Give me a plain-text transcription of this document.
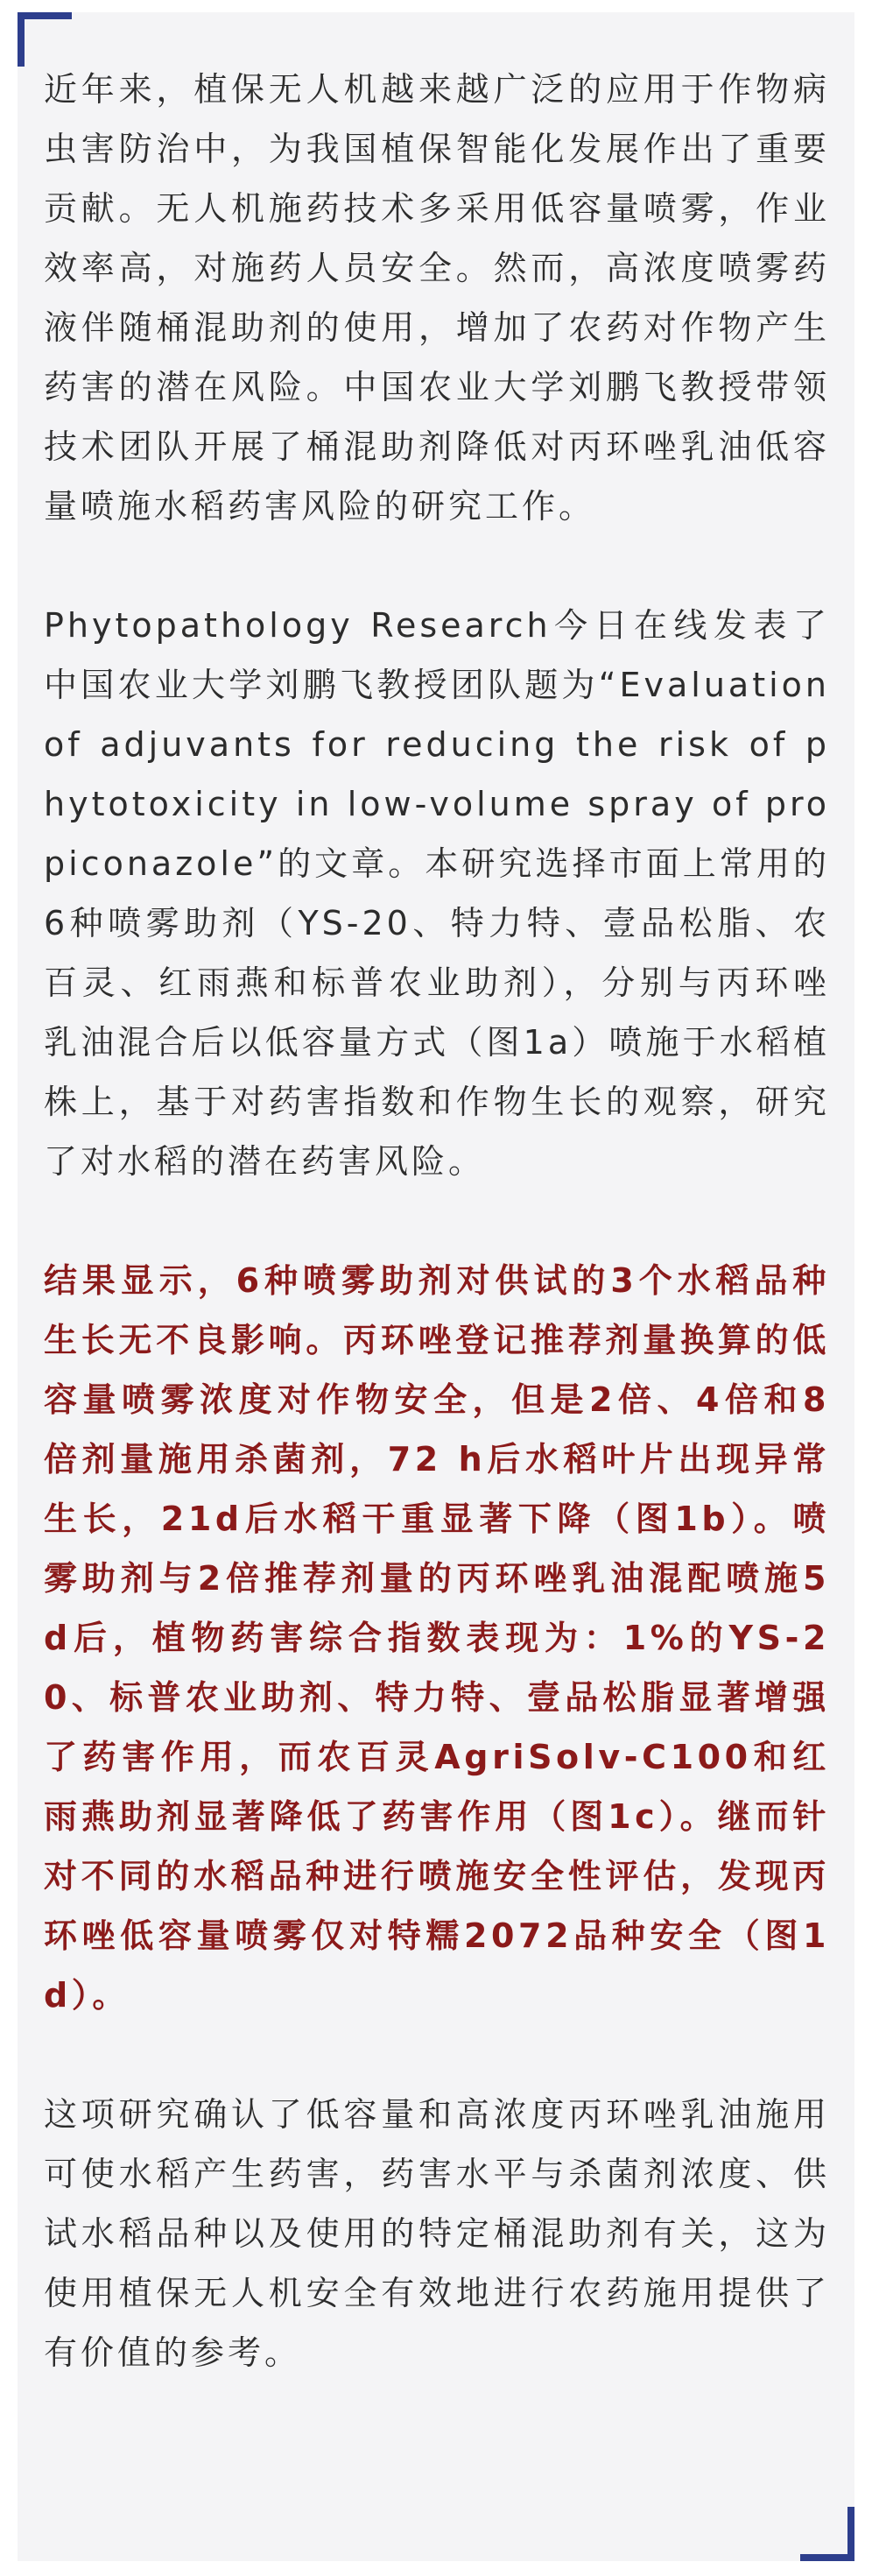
近年来，植保无人机越来越广泛的应用于作物病虫害防治中，为我国植保智能化发展作出了重要贡献。无人机施药技术多采用低容量喷雾，作业效率高，对施药人员安全。然而，高浓度喷雾药液伴随桶混助剂的使用，增加了农药对作物产生药害的潜在风险。中国农业大学刘鹏飞教授带领技术团队开展了桶混助剂降低对丙环唑乳油低容量喷施水稻药害风险的研究工作。

Phytopathology Research今日在线发表了中国农业大学刘鹏飞教授团队题为“Evaluation of adjuvants for reducing the risk of phytotoxicity in low-volume spray of propiconazole”的文章。本研究选择市面上常用的6种喷雾助剂（YS-20、特力特、壹品松脂、农百灵、红雨燕和标普农业助剂），分别与丙环唑乳油混合后以低容量方式（图1a）喷施于水稻植株上，基于对药害指数和作物生长的观察，研究了对水稻的潜在药害风险。

结果显示，6种喷雾助剂对供试的3个水稻品种生长无不良影响。丙环唑登记推荐剂量换算的低容量喷雾浓度对作物安全，但是2倍、4倍和8倍剂量施用杀菌剂，72 h后水稻叶片出现异常生长，21d后水稻干重显著下降（图1b）。喷雾助剂与2倍推荐剂量的丙环唑乳油混配喷施5d后，植物药害综合指数表现为：1%的YS-20、标普农业助剂、特力特、壹品松脂显著增强了药害作用，而农百灵AgriSolv-C100和红雨燕助剂显著降低了药害作用（图1c）。继而针对不同的水稻品种进行喷施安全性评估，发现丙环唑低容量喷雾仅对特糯2072品种安全（图1d）。

这项研究确认了低容量和高浓度丙环唑乳油施用可使水稻产生药害，药害水平与杀菌剂浓度、供试水稻品种以及使用的特定桶混助剂有关，这为使用植保无人机安全有效地进行农药施用提供了有价值的参考。
